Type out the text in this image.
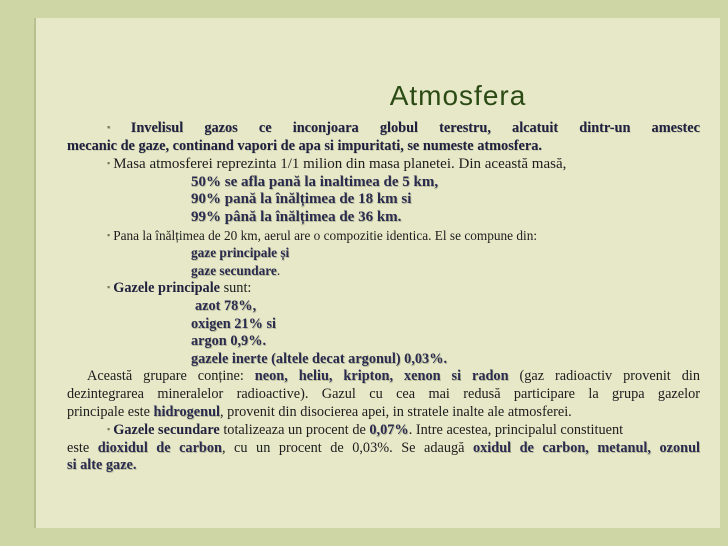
Atmosfera

▪ Invelisul gazos ce inconjoara globul terestru, alcatuit dintr-un amestec

mecanic de gaze, continand vapori de apa si impuritati, se numeste atmosfera.

▪ Masa atmosferei reprezinta 1/1 milion din masa planetei. Din această masă,

50% se afla pană la inaltimea de 5 km,

90% pană la înălțimea de 18 km si

99% până la înălțimea de 36 km.

▪ Pana la înălțimea de 20 km, aerul are o compozitie identica. El se compune din:

gaze principale și

gaze secundare.

▪ Gazele principale sunt:

azot 78%,

oxigen 21% si

argon 0,9%.

gazele inerte (altele decat argonul) 0,03%.

Această grupare conține: neon, heliu, kripton, xenon si radon (gaz radioactiv provenit din

dezintegrarea mineralelor radioactive). Gazul cu cea mai redusă participare la grupa gazelor

principale este hidrogenul, provenit din disocierea apei, in stratele inalte ale atmosferei.

▪ Gazele secundare totalizeaza un procent de 0,07%. Intre acestea, principalul constituent

este dioxidul de carbon, cu un procent de 0,03%. Se adaugă oxidul de carbon, metanul, ozonul

si alte gaze.
